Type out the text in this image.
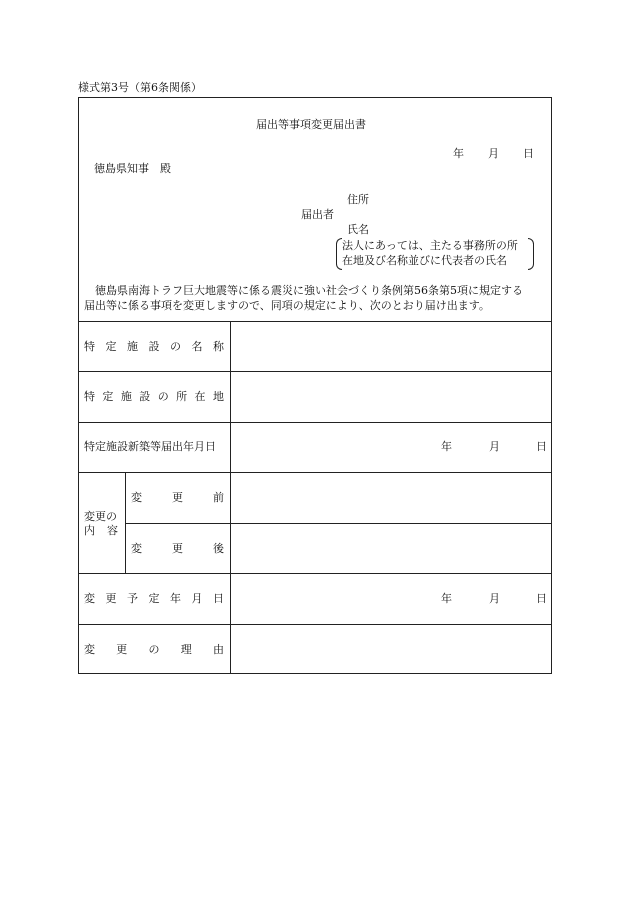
様式第3号（第6条関係）
届出等事項変更届出書
年 月 日
徳島県知事　殿
住所
届出者
氏名
法人にあっては、主たる事務所の所
在地及び名称並びに代表者の氏名
徳島県南海トラフ巨大地震等に係る震災に強い社会づくり条例第56条第5項に規定する
届出等に係る事項を変更しますので、同項の規定により、次のとおり届け出ます。
特 定 施 設 の 名 称
特 定 施 設 の 所 在 地
特定施設新築等届出年月日	年	月	日
変更の
内 容
変	更	前
変	更	後
変 更 予 定 年 月 日	年	月	日
変 更 の 理 由
